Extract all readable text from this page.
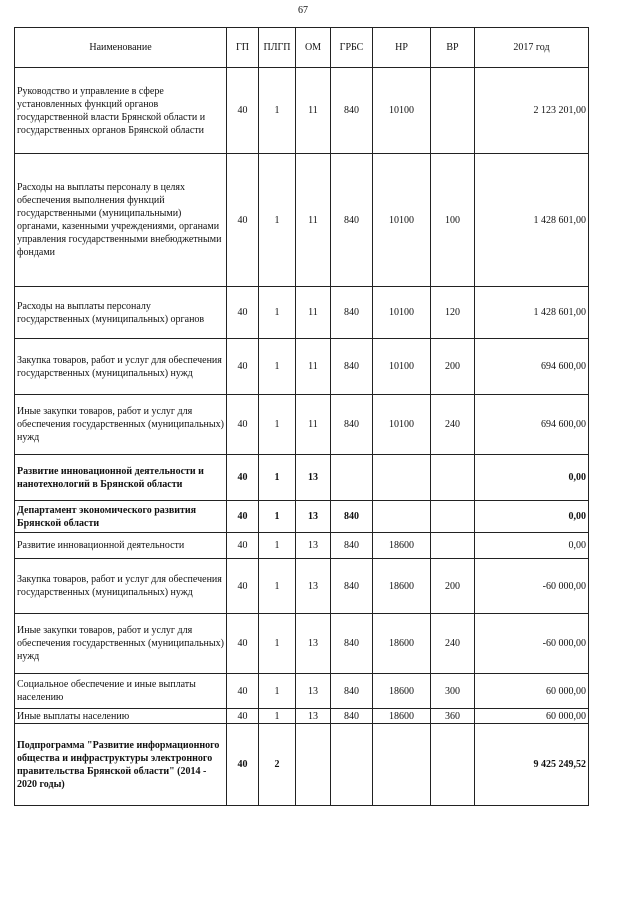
67
Наименование	ГП	ПЛГП	ОМ	ГРБС	НР	ВР	2017 год
Руководство и управление в сфере установленных функций органов государственной власти Брянской области и государственных органов Брянской области	40	1	11	840	10100		2 123 201,00
Расходы на выплаты персоналу в целях обеспечения выполнения функций государственными (муниципальными) органами, казенными учреждениями, органами управления государственными внебюджетными фондами	40	1	11	840	10100	100	1 428 601,00
Расходы на выплаты персоналу государственных (муниципальных) органов	40	1	11	840	10100	120	1 428 601,00
Закупка товаров, работ и услуг для обеспечения государственных (муниципальных) нужд	40	1	11	840	10100	200	694 600,00
Иные закупки товаров, работ и услуг для обеспечения государственных (муниципальных) нужд	40	1	11	840	10100	240	694 600,00
Развитие инновационной деятельности и нанотехнологий в Брянской области	40	1	13				0,00
Департамент экономического развития Брянской области	40	1	13	840			0,00
Развитие инновационной деятельности	40	1	13	840	18600		0,00
Закупка товаров, работ и услуг для обеспечения государственных (муниципальных) нужд	40	1	13	840	18600	200	-60 000,00
Иные закупки товаров, работ и услуг для обеспечения государственных (муниципальных) нужд	40	1	13	840	18600	240	-60 000,00
Социальное обеспечение и иные выплаты населению	40	1	13	840	18600	300	60 000,00
Иные выплаты населению	40	1	13	840	18600	360	60 000,00
Подпрограмма "Развитие информационного общества и инфраструктуры электронного правительства Брянской области" (2014 - 2020 годы)	40	2					9 425 249,52
